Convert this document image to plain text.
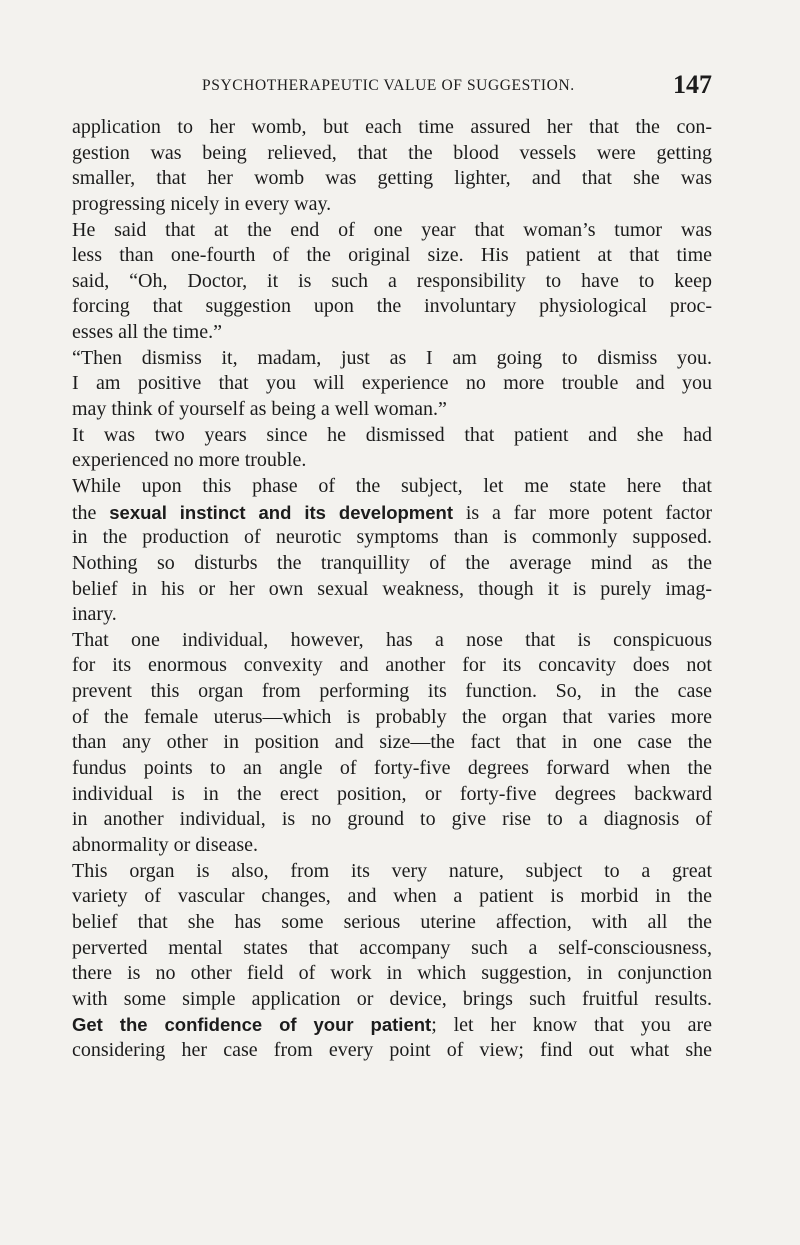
PSYCHOTHERAPEUTIC VALUE OF SUGGESTION.	147
application to her womb, but each time assured her that the con-
gestion was being relieved, that the blood vessels were getting
smaller, that her womb was getting lighter, and that she was
progressing nicely in every way.
He said that at the end of one year that woman’s tumor was
less than one-fourth of the original size. His patient at that time
said, “Oh, Doctor, it is such a responsibility to have to keep
forcing that suggestion upon the involuntary physiological proc-
esses all the time.”
“Then dismiss it, madam, just as I am going to dismiss you.
I am positive that you will experience no more trouble and you
may think of yourself as being a well woman.”
It was two years since he dismissed that patient and she had
experienced no more trouble.
While upon this phase of the subject, let me state here that
the sexual instinct and its development is a far more potent factor
in the production of neurotic symptoms than is commonly supposed.
Nothing so disturbs the tranquillity of the average mind as the
belief in his or her own sexual weakness, though it is purely imag-
inary.
That one individual, however, has a nose that is conspicuous
for its enormous convexity and another for its concavity does not
prevent this organ from performing its function. So, in the case
of the female uterus—which is probably the organ that varies more
than any other in position and size—the fact that in one case the
fundus points to an angle of forty-five degrees forward when the
individual is in the erect position, or forty-five degrees backward
in another individual, is no ground to give rise to a diagnosis of
abnormality or disease.
This organ is also, from its very nature, subject to a great
variety of vascular changes, and when a patient is morbid in the
belief that she has some serious uterine affection, with all the
perverted mental states that accompany such a self-consciousness,
there is no other field of work in which suggestion, in conjunction
with some simple application or device, brings such fruitful results.
Get the confidence of your patient; let her know that you are
considering her case from every point of view; find out what she
